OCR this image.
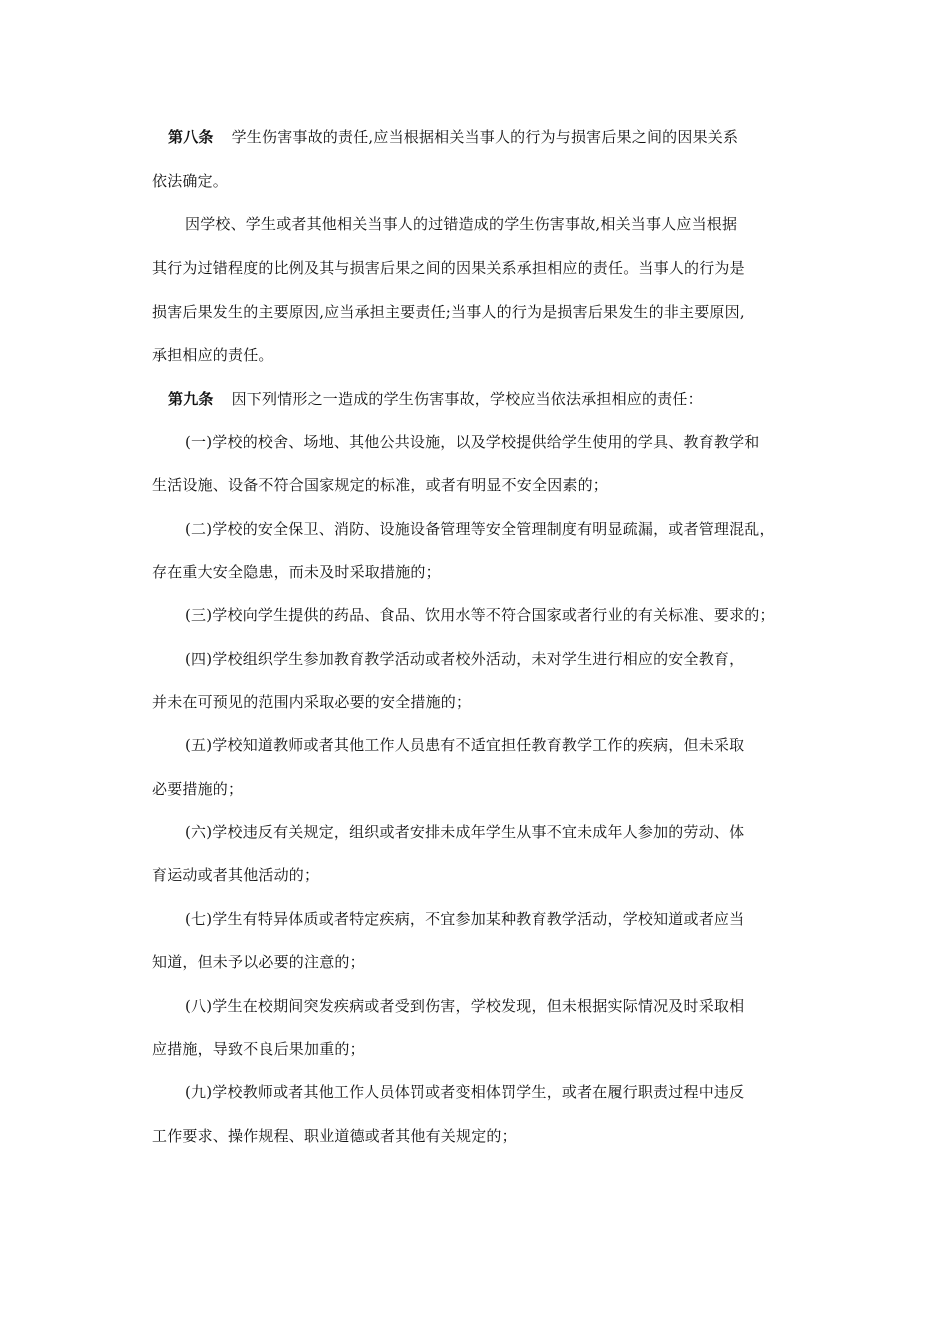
第八条 学生伤害事故的责任,应当根据相关当事人的行为与损害后果之间的因果关系
依法确定。
因学校、学生或者其他相关当事人的过错造成的学生伤害事故,相关当事人应当根据
其行为过错程度的比例及其与损害后果之间的因果关系承担相应的责任。当事人的行为是
损害后果发生的主要原因,应当承担主要责任;当事人的行为是损害后果发生的非主要原因,
承担相应的责任。
第九条 因下列情形之一造成的学生伤害事故，学校应当依法承担相应的责任：
(一)学校的校舍、场地、其他公共设施，以及学校提供给学生使用的学具、教育教学和
生活设施、设备不符合国家规定的标准，或者有明显不安全因素的；
(二)学校的安全保卫、消防、设施设备管理等安全管理制度有明显疏漏，或者管理混乱，
存在重大安全隐患，而未及时采取措施的；
(三)学校向学生提供的药品、食品、饮用水等不符合国家或者行业的有关标准、要求的；
(四)学校组织学生参加教育教学活动或者校外活动，未对学生进行相应的安全教育，
并未在可预见的范围内采取必要的安全措施的；
(五)学校知道教师或者其他工作人员患有不适宜担任教育教学工作的疾病，但未采取
必要措施的；
(六)学校违反有关规定，组织或者安排未成年学生从事不宜未成年人参加的劳动、体
育运动或者其他活动的；
(七)学生有特异体质或者特定疾病，不宜参加某种教育教学活动，学校知道或者应当
知道，但未予以必要的注意的；
(八)学生在校期间突发疾病或者受到伤害，学校发现，但未根据实际情况及时采取相
应措施，导致不良后果加重的；
(九)学校教师或者其他工作人员体罚或者变相体罚学生，或者在履行职责过程中违反
工作要求、操作规程、职业道德或者其他有关规定的；
